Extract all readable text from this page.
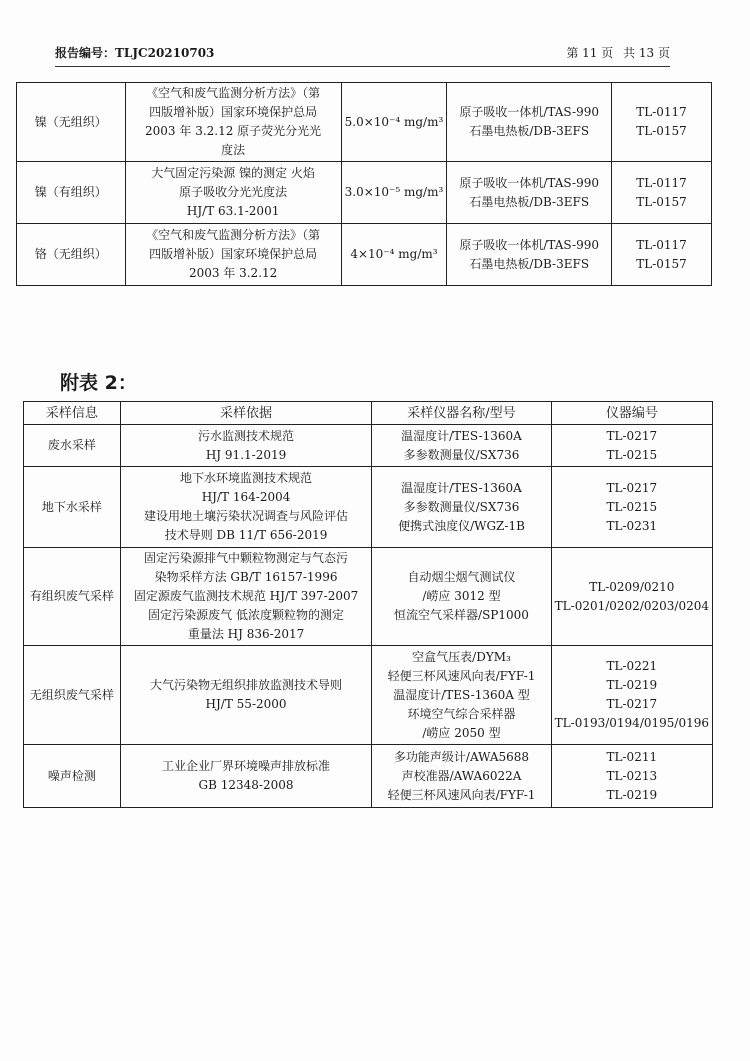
报告编号：TLJC20210703	第 11 页 共 13 页
镍（无组织）	《空气和废气监测分析方法》（第
四版增补版）国家环境保护总局
2003 年 3.2.12 原子荧光分光光
度法	5.0×10⁻⁴ mg/m³	原子吸收一体机/TAS-990
石墨电热板/DB-3EFS	TL-0117
TL-0157

镍（有组织）	大气固定污染源 镍的测定 火焰
原子吸收分光光度法
HJ/T 63.1-2001	3.0×10⁻⁵ mg/m³	原子吸收一体机/TAS-990
石墨电热板/DB-3EFS	TL-0117
TL-0157

铬（无组织）	《空气和废气监测分析方法》（第
四版增补版）国家环境保护总局
2003 年 3.2.12	4×10⁻⁴ mg/m³	原子吸收一体机/TAS-990
石墨电热板/DB-3EFS	TL-0117
TL-0157
附表 2：
采样信息	采样依据	采样仪器名称/型号	仪器编号
废水采样	污水监测技术规范
HJ 91.1-2019	温湿度计/TES-1360A
多参数测量仪/SX736	TL-0217
TL-0215

地下水采样	地下水环境监测技术规范
HJ/T 164-2004
建设用地土壤污染状况调查与风险评估
技术导则 DB 11/T 656-2019	温湿度计/TES-1360A
多参数测量仪/SX736
便携式浊度仪/WGZ-1B	TL-0217
TL-0215
TL-0231

有组织废气采样	固定污染源排气中颗粒物测定与气态污
染物采样方法 GB/T 16157-1996
固定源废气监测技术规范 HJ/T 397-2007
固定污染源废气 低浓度颗粒物的测定
重量法 HJ 836-2017	自动烟尘烟气测试仪
/崂应 3012 型
恒流空气采样器/SP1000	TL-0209/0210
TL-0201/0202/0203/0204

无组织废气采样	大气污染物无组织排放监测技术导则
HJ/T 55-2000	空盒气压表/DYM₃
轻便三杯风速风向表/FYF-1
温湿度计/TES-1360A 型
环境空气综合采样器
/崂应 2050 型	TL-0221
TL-0219
TL-0217
TL-0193/0194/0195/0196

噪声检测	工业企业厂界环境噪声排放标准
GB 12348-2008	多功能声级计/AWA5688
声校准器/AWA6022A
轻便三杯风速风向表/FYF-1	TL-0211
TL-0213
TL-0219
